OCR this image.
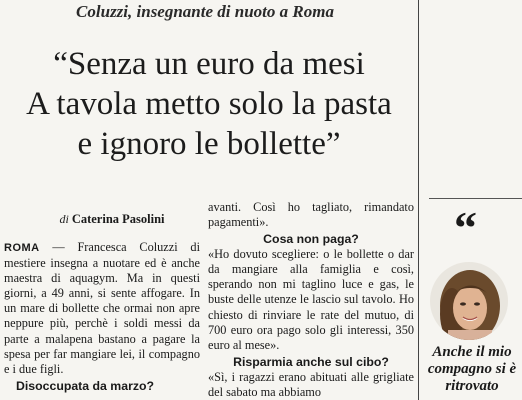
Coluzzi, insegnante di nuoto a Roma
“Senza un euro da mesi
A tavola metto solo la pasta
e ignoro le bollette”
di Caterina Pasolini

ROMA — Francesca Coluzzi di mestiere insegna a nuotare ed è anche maestra di aquagym. Ma in questi giorni, a 49 anni, si sente affogare. In un mare di bollette che ormai non apre neppure più, perchè i soldi messi da parte a malapena bastano a pagare la spesa per far mangiare lei, il compagno e i due figli.

Disoccupata da marzo?

avanti. Così ho tagliato, rimandato pagamenti».

Cosa non paga?

«Ho dovuto scegliere: o le bollette o dar da mangiare alla famiglia e così, sperando non mi taglino luce e gas, le buste delle utenze le lascio sul tavolo. Ho chiesto di rinviare le rate del mutuo, di 700 euro ora pago solo gli interessi, 350 euro al mese».

Risparmia anche sul cibo?

«Sì, i ragazzi erano abituati alle grigliate del sabato ma abbiamo

“
Anche il mio compagno si è ritrovato
